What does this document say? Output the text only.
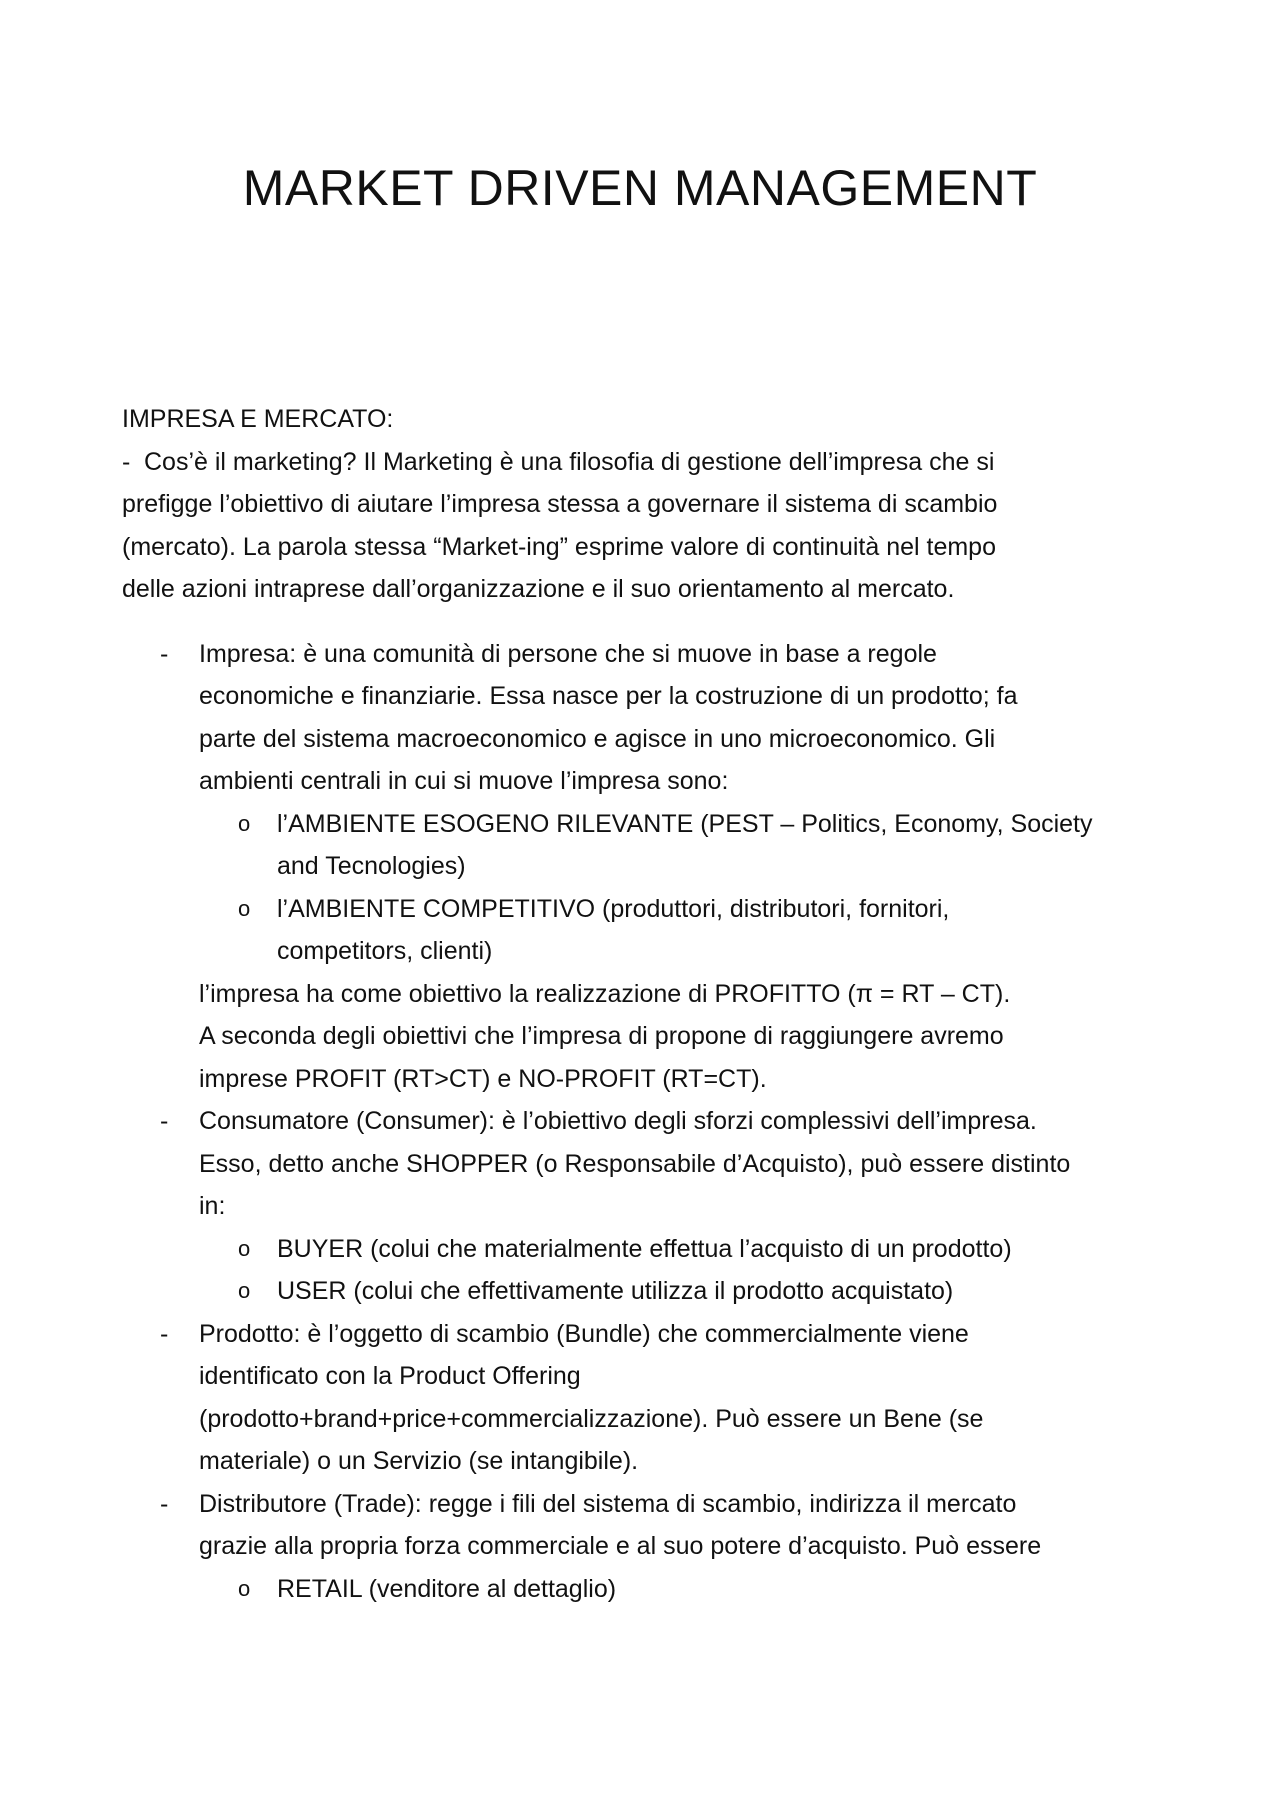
MARKET DRIVEN MANAGEMENT
IMPRESA E MERCATO:
- Cos’è il marketing? Il Marketing è una filosofia di gestione dell’impresa che si
prefigge l’obiettivo di aiutare l’impresa stessa a governare il sistema di scambio
(mercato). La parola stessa “Market-ing” esprime valore di continuità nel tempo
delle azioni intraprese dall’organizzazione e il suo orientamento al mercato.
- Impresa: è una comunità di persone che si muove in base a regole
economiche e finanziarie. Essa nasce per la costruzione di un prodotto; fa
parte del sistema macroeconomico e agisce in uno microeconomico. Gli
ambienti centrali in cui si muove l’impresa sono:
o l’AMBIENTE ESOGENO RILEVANTE (PEST – Politics, Economy, Society
and Tecnologies)
o l’AMBIENTE COMPETITIVO (produttori, distributori, fornitori,
competitors, clienti)
l’impresa ha come obiettivo la realizzazione di PROFITTO (π = RT – CT).
A seconda degli obiettivi che l’impresa di propone di raggiungere avremo
imprese PROFIT (RT>CT) e NO-PROFIT (RT=CT).
- Consumatore (Consumer): è l’obiettivo degli sforzi complessivi dell’impresa.
Esso, detto anche SHOPPER (o Responsabile d’Acquisto), può essere distinto
in:
o BUYER (colui che materialmente effettua l’acquisto di un prodotto)
o USER (colui che effettivamente utilizza il prodotto acquistato)
- Prodotto: è l’oggetto di scambio (Bundle) che commercialmente viene
identificato con la Product Offering
(prodotto+brand+price+commercializzazione). Può essere un Bene (se
materiale) o un Servizio (se intangibile).
- Distributore (Trade): regge i fili del sistema di scambio, indirizza il mercato
grazie alla propria forza commerciale e al suo potere d’acquisto. Può essere
o RETAIL (venditore al dettaglio)
